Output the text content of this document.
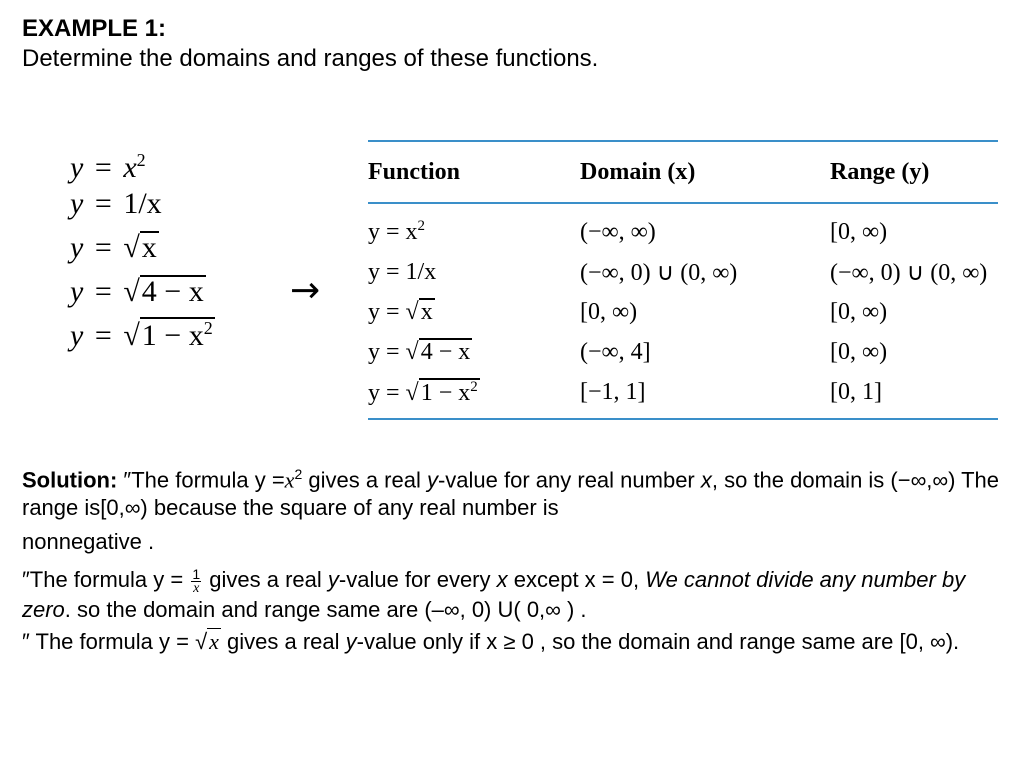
EXAMPLE 1:
Determine the domains and ranges of these functions.
$y = x^2$
y = 1/x
y = √x
y = √4 − x
$y = √1 - x^2$
→
Function	Domain (x)	Range (y)
$y = x^2$	(−∞, ∞)	[0, ∞)
y = 1/x	(−∞, 0) ∪ (0, ∞)	(−∞, 0) ∪ (0, ∞)
y = √x	[0, ∞)	[0, ∞)
y = √4 − x	(−∞, 4]	[0, ∞)
$y = √1 - x^2$	[−1, 1]	[0, 1]

Solution: ″The formula $y =x^2$ gives a real y-value for any real number x, so the domain is (−∞,∞) The range is[0,∞) because the square of any real number is

nonnegative .

″The formula $y = \frac{1}{x}$ gives a real y-value for every x except x = 0, We cannot divide any number by zero. so the domain and range same are (–∞, 0) U( 0,∞ ) .

″ The formula y = √x gives a real y-value only if x ≥ 0 , so the domain and range same are [0, ∞).
